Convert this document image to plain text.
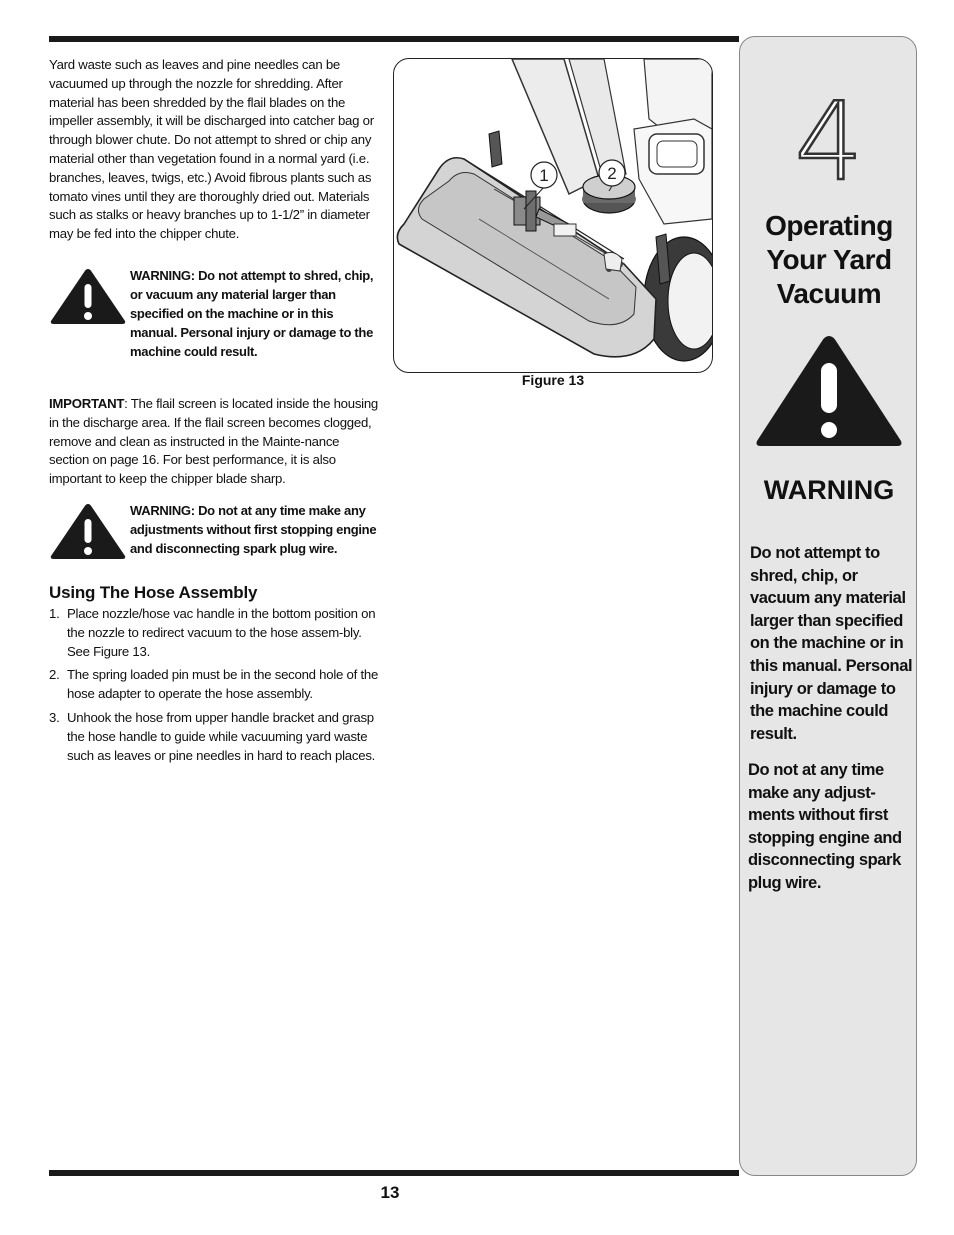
Yard waste such as leaves and pine needles can be vacuumed up through the nozzle for shredding. After material has been shredded by the flail blades on the impeller assembly, it will be discharged into catcher bag or through blower chute. Do not attempt to shred or chip any material other than vegetation found in a normal yard (i.e. branches, leaves, twigs, etc.) Avoid fibrous plants such as tomato vines until they are thoroughly dried out. Materials such as stalks or heavy branches up to 1-1/2” in diameter may be fed into the chipper chute.

WARNING: Do not attempt to shred, chip, or vacuum any material larger than specified on the machine or in this manual. Personal injury or damage to the machine could result.

IMPORTANT: The flail screen is located inside the housing in the discharge area. If the flail screen becomes clogged, remove and clean as instructed in the Mainte-nance section on page 16. For best performance, it is also important to keep the chipper blade sharp.

WARNING: Do not at any time make any adjustments without first stopping engine and disconnecting spark plug wire.

Using The Hose Assembly
1. Place nozzle/hose vac handle in the bottom position on the nozzle to redirect vacuum to the hose assem-bly. See Figure 13.
2. The spring loaded pin must be in the second hole of the hose adapter to operate the hose assembly.
3. Unhook the hose from upper handle bracket and grasp the hose handle to guide while vacuuming yard waste such as leaves or pine needles in hard to reach places.
1	2
Figure 13
4
Operating
Your Yard
Vacuum
WARNING

Do not attempt to shred, chip, or vacuum any material larger than specified on the machine or in this manual. Personal injury or damage to the machine could result.

Do not at any time make any adjust-ments without first stopping engine and disconnecting spark plug wire.

13
